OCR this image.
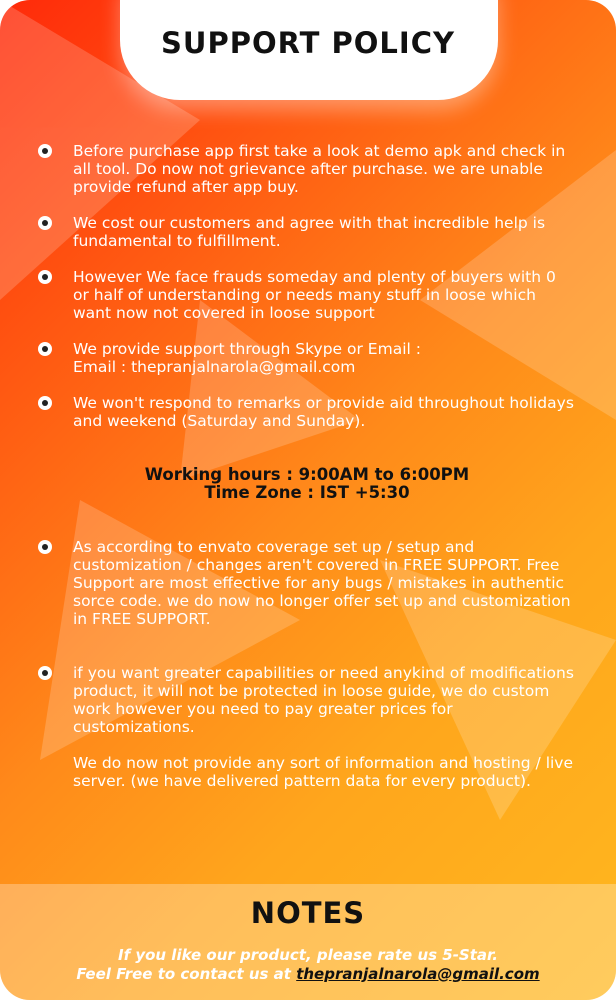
SUPPORT POLICY
Before purchase app first take a look at demo apk and check in all tool. Do now not grievance after purchase. we are unable provide refund after app buy.
We cost our customers and agree with that incredible help is fundamental to fulfillment.
However We face frauds someday and plenty of buyers with 0 or half of understanding or needs many stuff in loose which want now not covered in loose support
We provide support through Skype or Email :
Email : thepranjalnarola@gmail.com
We won't respond to remarks or provide aid throughout holidays and weekend (Saturday and Sunday).
Working hours : 9:00AM to 6:00PM
Time Zone : IST +5:30
As according to envato coverage set up / setup and customization / changes aren't covered in FREE SUPPORT. Free Support are most effective for any bugs / mistakes in authentic sorce code. we do now no longer offer set up and customization in FREE SUPPORT.
if you want greater capabilities or need anykind of modifications product, it will not be protected in loose guide, we do custom work however you need to pay greater prices for customizations.
We do now not provide any sort of information and hosting / live server. (we have delivered pattern data for every product).
NOTES
If you like our product, please rate us 5-Star.
Feel Free to contact us at thepranjalnarola@gmail.com
